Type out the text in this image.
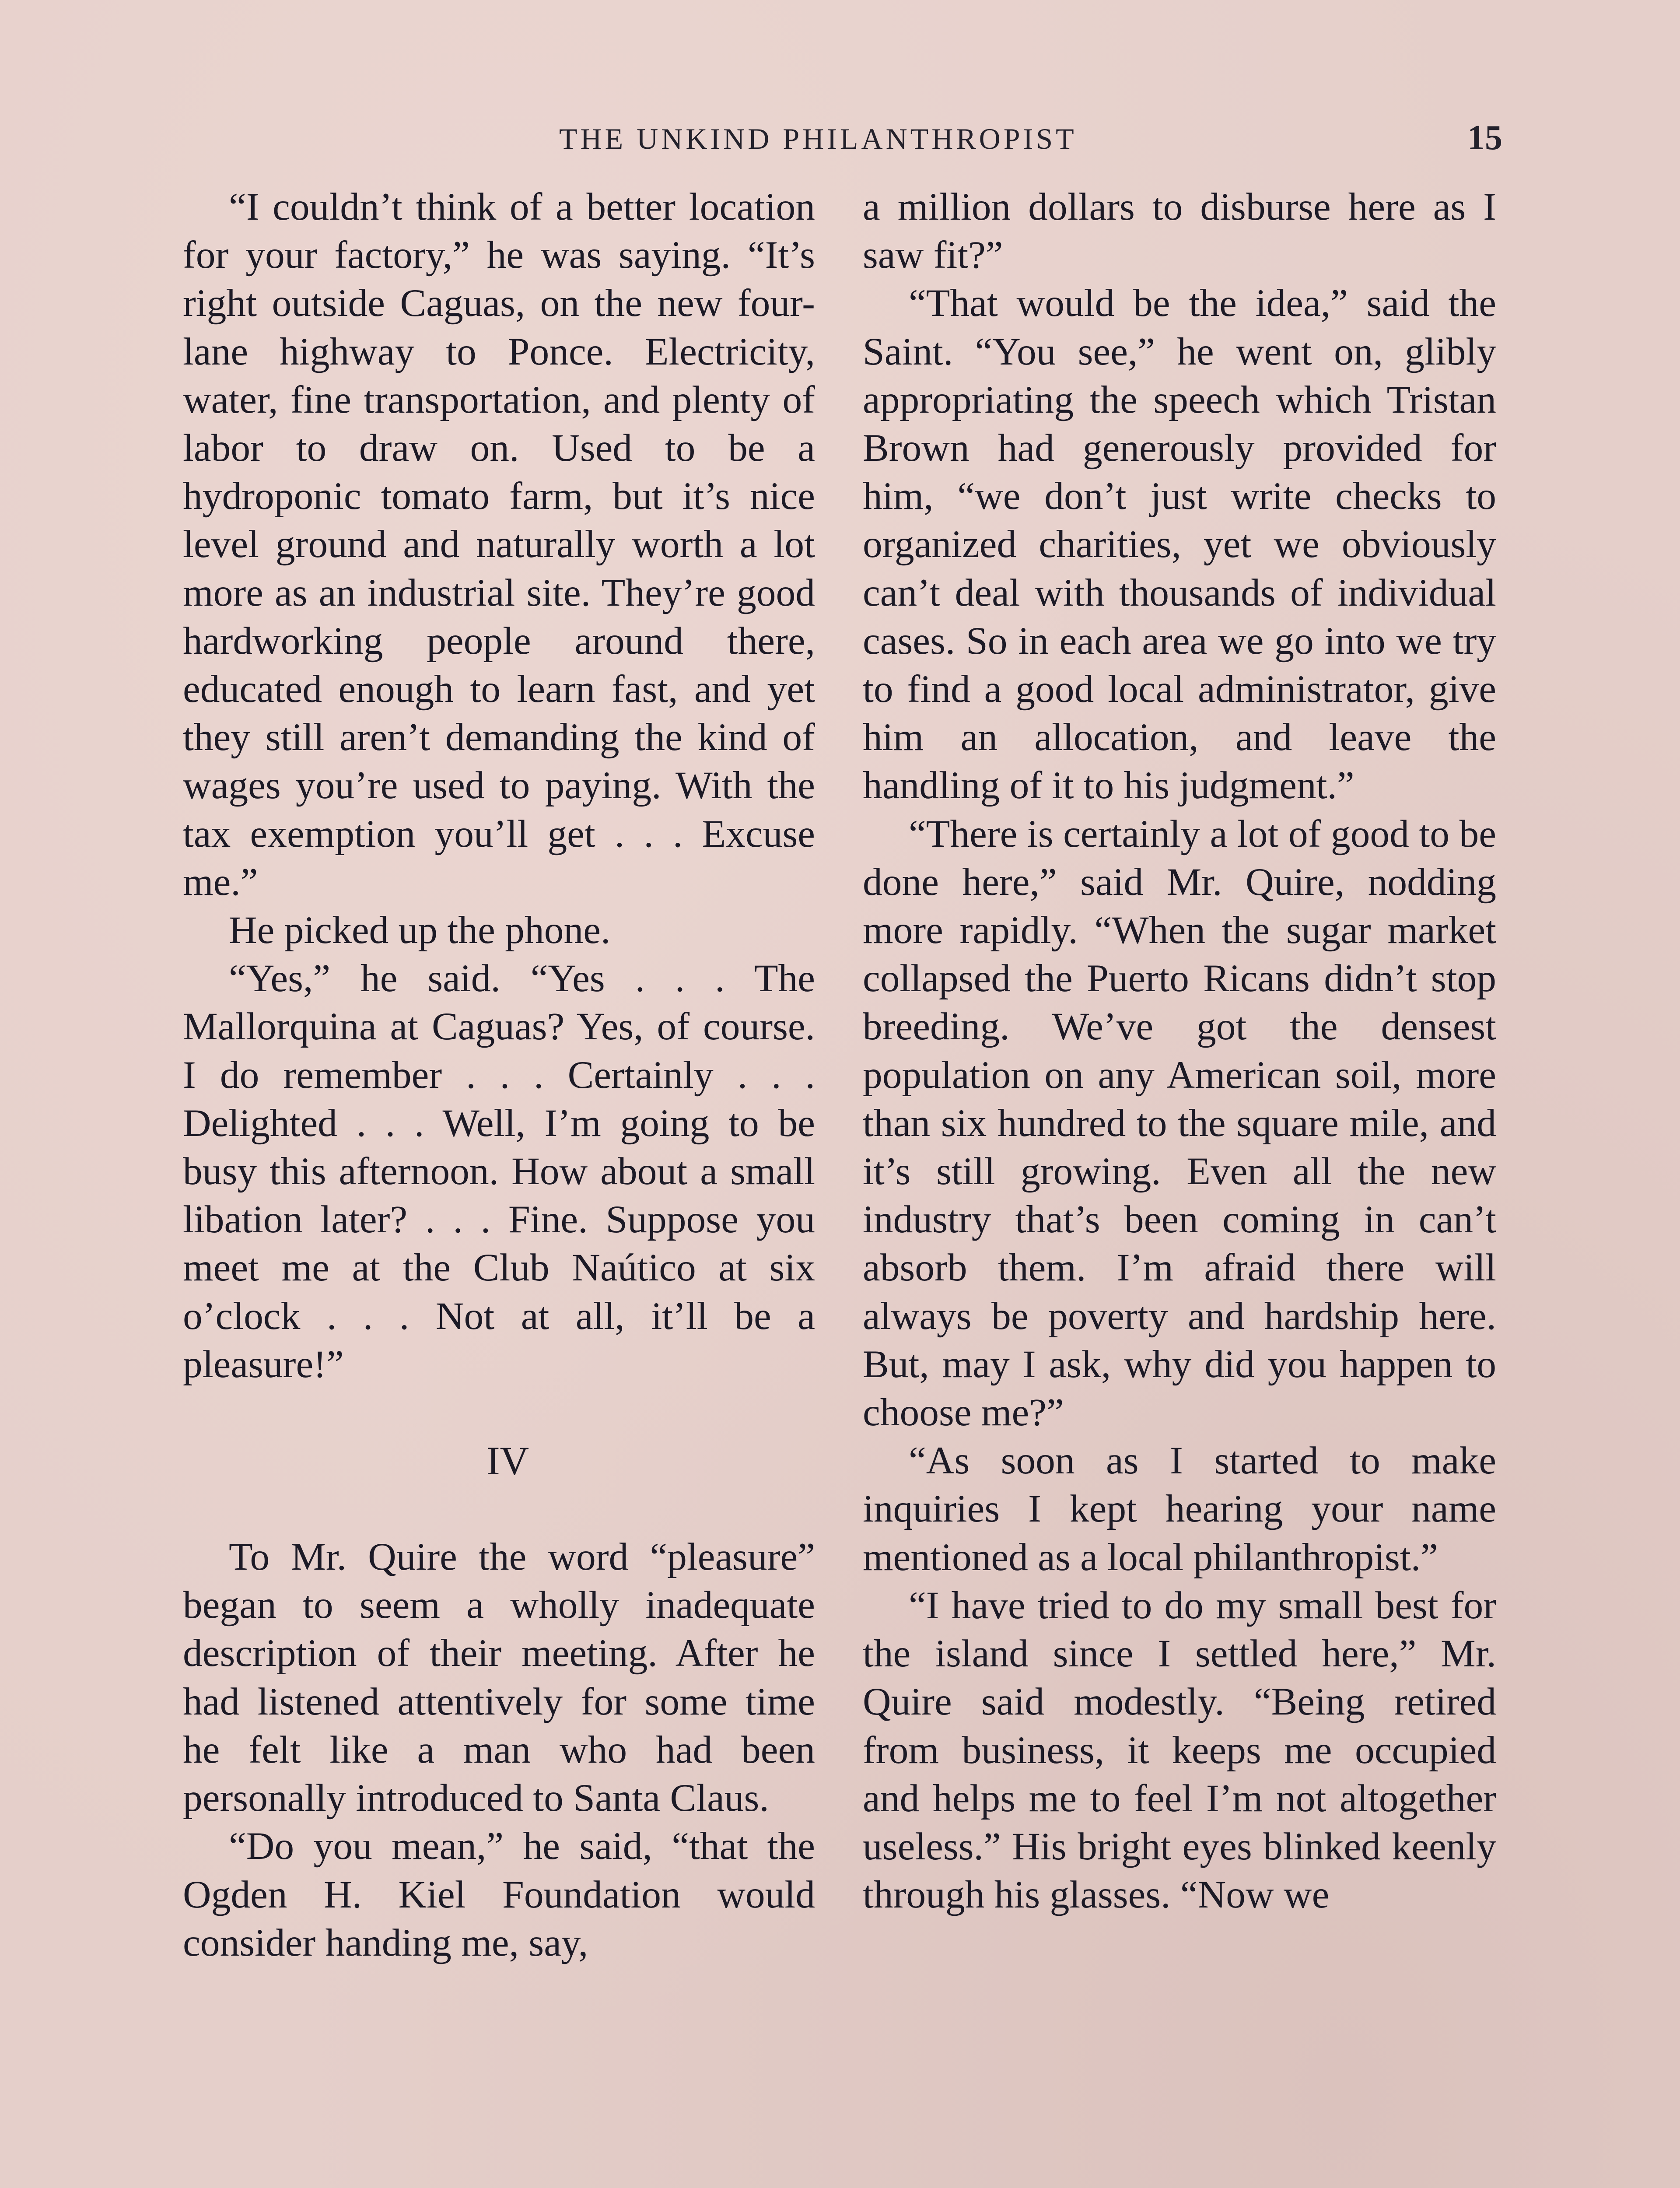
THE UNKIND PHILANTHROPIST	15

“I couldn’t think of a better location for your factory,” he was saying. “It’s right outside Caguas, on the new four-lane highway to Ponce. Electricity, water, fine transportation, and plenty of labor to draw on. Used to be a hydroponic tomato farm, but it’s nice level ground and naturally worth a lot more as an industrial site. They’re good hardworking people around there, educated enough to learn fast, and yet they still aren’t demanding the kind of wages you’re used to paying. With the tax exemption you’ll get . . . Excuse me.”

He picked up the phone.

“Yes,” he said. “Yes . . . The Mallorquina at Caguas? Yes, of course. I do remember . . . Certainly . . . Delighted . . . Well, I’m going to be busy this afternoon. How about a small libation later? . . . Fine. Suppose you meet me at the Club Naútico at six o’clock . . . Not at all, it’ll be a pleasure!”

IV

To Mr. Quire the word “pleasure” began to seem a wholly inadequate description of their meeting. After he had listened attentively for some time he felt like a man who had been personally introduced to Santa Claus.

“Do you mean,” he said, “that the Ogden H. Kiel Foundation would consider handing me, say,

a million dollars to disburse here as I saw fit?”

“That would be the idea,” said the Saint. “You see,” he went on, glibly appropriating the speech which Tristan Brown had generously provided for him, “we don’t just write checks to organized charities, yet we obviously can’t deal with thousands of individual cases. So in each area we go into we try to find a good local administrator, give him an allocation, and leave the handling of it to his judgment.”

“There is certainly a lot of good to be done here,” said Mr. Quire, nodding more rapidly. “When the sugar market collapsed the Puerto Ricans didn’t stop breeding. We’ve got the densest population on any American soil, more than six hundred to the square mile, and it’s still growing. Even all the new industry that’s been coming in can’t absorb them. I’m afraid there will always be poverty and hardship here. But, may I ask, why did you happen to choose me?”

“As soon as I started to make inquiries I kept hearing your name mentioned as a local philanthropist.”

“I have tried to do my small best for the island since I settled here,” Mr. Quire said modestly. “Being retired from business, it keeps me occupied and helps me to feel I’m not altogether useless.” His bright eyes blinked keenly through his glasses. “Now we
